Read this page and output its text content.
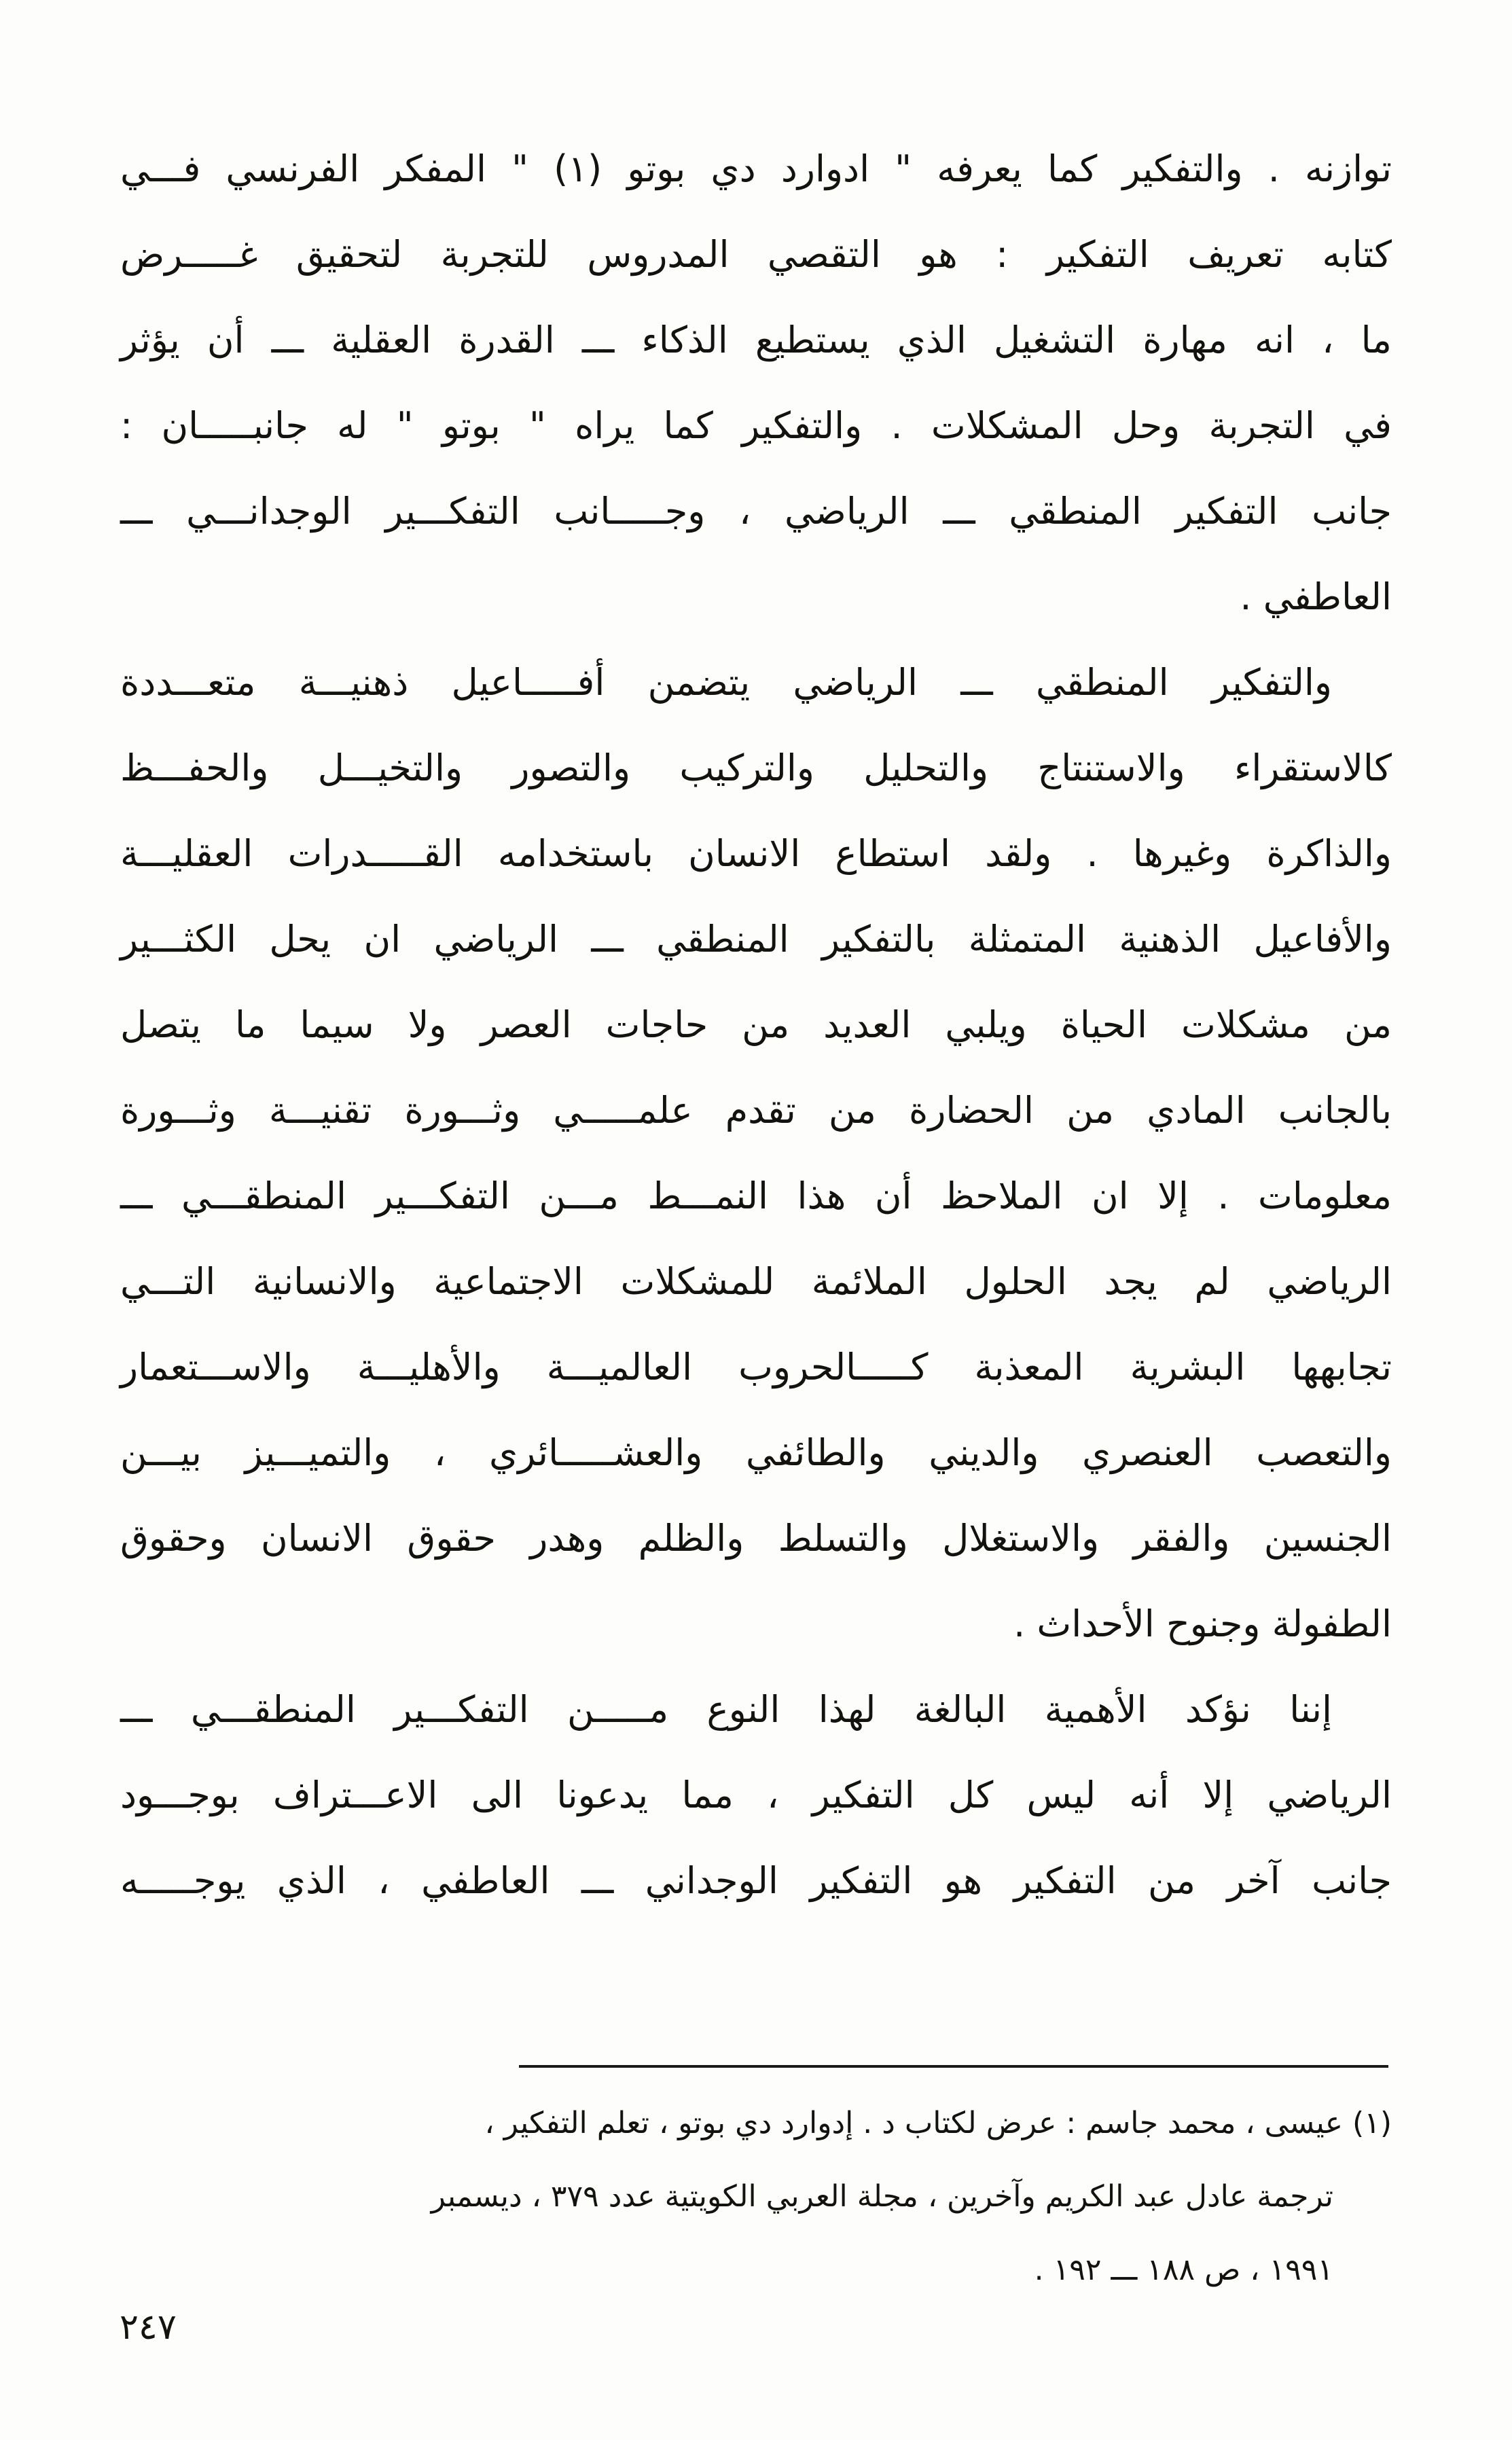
توازنه . والتفكير كما يعرفه " ادوارد دي بوتو (١) " المفكر الفرنسي فـــي
كتابه تعريف التفكير : هو التقصي المدروس للتجربة لتحقيق غـــــرض
ما ، انه مهارة التشغيل الذي يستطيع الذكاء ـــ القدرة العقلية ـــ أن يؤثر
في التجربة وحل المشكلات . والتفكير كما يراه " بوتو " له جانبـــــان :
جانب التفكير المنطقي ـــ الرياضي ، وجـــــانب التفكـــير الوجدانـــي ـــ
العاطفي .
والتفكير المنطقي ـــ الرياضي يتضمن أفـــــاعيل ذهنيـــة متعـــددة
كالاستقراء والاستنتاج والتحليل والتركيب والتصور والتخيـــل والحفـــظ
والذاكرة وغيرها . ولقد استطاع الانسان باستخدامه القـــــدرات العقليـــة
والأفاعيل الذهنية المتمثلة بالتفكير المنطقي ـــ الرياضي ان يحل الكثـــير
من مشكلات الحياة ويلبي العديد من حاجات العصر ولا سيما ما يتصل
بالجانب المادي من الحضارة من تقدم علمـــــي وثـــورة تقنيـــة وثـــورة
معلومات . إلا ان الملاحظ أن هذا النمـــط مـــن التفكـــير المنطقـــي ـــ
الرياضي لم يجد الحلول الملائمة للمشكلات الاجتماعية والانسانية التـــي
تجابهها البشرية المعذبة كـــــالحروب العالميـــة والأهليـــة والاســـتعمار
والتعصب العنصري والديني والطائفي والعشـــــائري ، والتميـــيز بيـــن
الجنسين والفقر والاستغلال والتسلط والظلم وهدر حقوق الانسان وحقوق
الطفولة وجنوح الأحداث .
إننا نؤكد الأهمية البالغة لهذا النوع مـــــن التفكـــير المنطقـــي ـــ
الرياضي إلا أنه ليس كل التفكير ، مما يدعونا الى الاعـــتراف بوجـــود
جانب آخر من التفكير هو التفكير الوجداني ـــ العاطفي ، الذي يوجـــــه
(١) عيسى ، محمد جاسم : عرض لكتاب د . إدوارد دي بوتو ، تعلم التفكير ،
ترجمة عادل عبد الكريم وآخرين ، مجلة العربي الكويتية عدد ٣٧٩ ، ديسمبر
١٩٩١ ، ص ١٨٨ ـــ ١٩٢ .
٢٤٧
